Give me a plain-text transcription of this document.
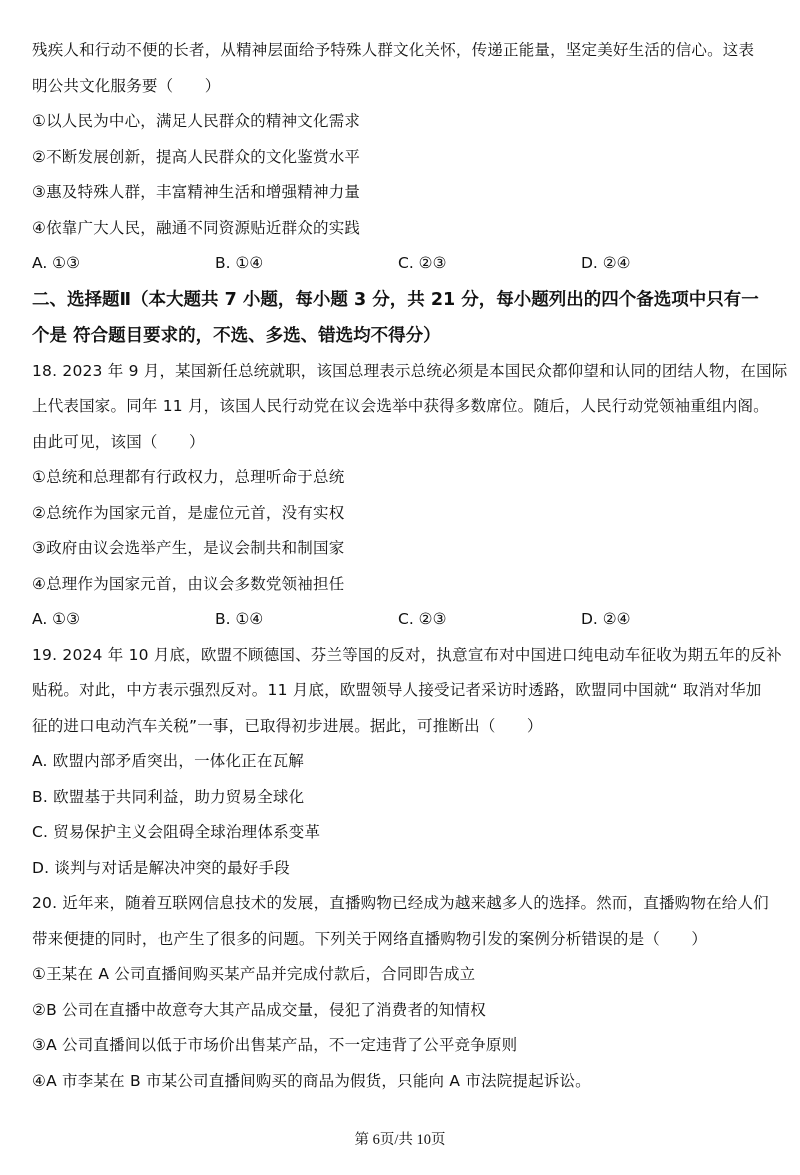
残疾人和行动不便的长者，从精神层面给予特殊人群文化关怀，传递正能量，坚定美好生活的信心。这表
明公共文化服务要（　　）
①以人民为中心，满足人民群众的精神文化需求
②不断发展创新，提高人民群众的文化鉴赏水平
③惠及特殊人群，丰富精神生活和增强精神力量
④依靠广大人民，融通不同资源贴近群众的实践
A. ①③	B. ①④	C. ②③	D. ②④
二、选择题Ⅱ（本大题共 7 小题，每小题 3 分，共 21 分，每小题列出的四个备选项中只有一
个是 符合题目要求的，不选、多选、错选均不得分）
18. 2023 年 9 月，某国新任总统就职，该国总理表示总统必须是本国民众都仰望和认同的团结人物，在国际
上代表国家。同年 11 月，该国人民行动党在议会选举中获得多数席位。随后，人民行动党领袖重组内阁。
由此可见，该国（　　）
①总统和总理都有行政权力，总理听命于总统
②总统作为国家元首，是虚位元首，没有实权
③政府由议会选举产生，是议会制共和制国家
④总理作为国家元首，由议会多数党领袖担任
A. ①③	B. ①④	C. ②③	D. ②④
19. 2024 年 10 月底，欧盟不顾德国、芬兰等国的反对，执意宣布对中国进口纯电动车征收为期五年的反补
贴税。对此，中方表示强烈反对。11 月底，欧盟领导人接受记者采访时透路，欧盟同中国就“ 取消对华加
征的进口电动汽车关税”一事，已取得初步进展。据此，可推断出（　　）
A. 欧盟内部矛盾突出，一体化正在瓦解
B. 欧盟基于共同利益，助力贸易全球化
C. 贸易保护主义会阻碍全球治理体系变革
D. 谈判与对话是解决冲突的最好手段
20. 近年来，随着互联网信息技术的发展，直播购物已经成为越来越多人的选择。然而，直播购物在给人们
带来便捷的同时，也产生了很多的问题。下列关于网络直播购物引发的案例分析错误的是（　　）
①王某在 A 公司直播间购买某产品并完成付款后，合同即告成立
②B 公司在直播中故意夸大其产品成交量，侵犯了消费者的知情权
③A 公司直播间以低于市场价出售某产品，不一定违背了公平竞争原则
④A 市李某在 B 市某公司直播间购买的商品为假货，只能向 A 市法院提起诉讼。
第 6页/共 10页
